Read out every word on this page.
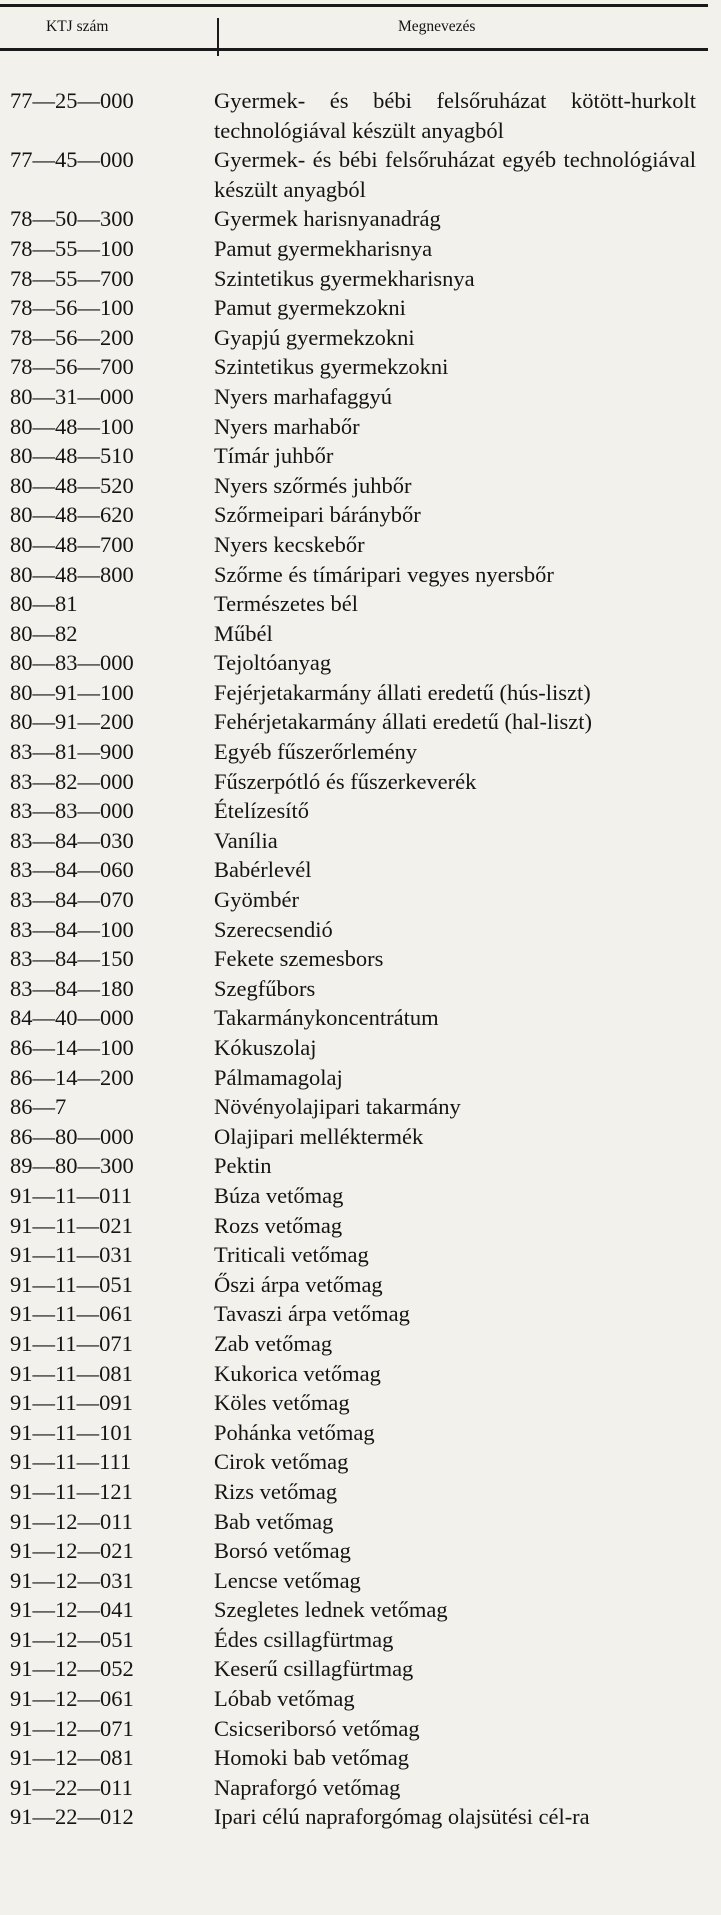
KTJ szám	Megnevezés
77—25—000	Gyermek- és bébi felsőruházat kötött-hurkolt technológiával készült anyagból
77—45—000	Gyermek- és bébi felsőruházat egyéb technológiával készült anyagból
78—50—300	Gyermek harisnyanadrág
78—55—100	Pamut gyermekharisnya
78—55—700	Szintetikus gyermekharisnya
78—56—100	Pamut gyermekzokni
78—56—200	Gyapjú gyermekzokni
78—56—700	Szintetikus gyermekzokni
80—31—000	Nyers marhafaggyú
80—48—100	Nyers marhabőr
80—48—510	Tímár juhbőr
80—48—520	Nyers szőrmés juhbőr
80—48—620	Szőrmeipari báránybőr
80—48—700	Nyers kecskebőr
80—48—800	Szőrme és tímáripari vegyes nyersbőr
80—81	Természetes bél
80—82	Műbél
80—83—000	Tejoltóanyag
80—91—100	Fejérjetakarmány állati eredetű (hús-liszt)
80—91—200	Fehérjetakarmány állati eredetű (hal-liszt)
83—81—900	Egyéb fűszerőrlemény
83—82—000	Fűszerpótló és fűszerkeverék
83—83—000	Ételízesítő
83—84—030	Vanília
83—84—060	Babérlevél
83—84—070	Gyömbér
83—84—100	Szerecsendió
83—84—150	Fekete szemesbors
83—84—180	Szegfűbors
84—40—000	Takarmánykoncentrátum
86—14—100	Kókuszolaj
86—14—200	Pálmamagolaj
86—7	Növényolajipari takarmány
86—80—000	Olajipari melléktermék
89—80—300	Pektin
91—11—011	Búza vetőmag
91—11—021	Rozs vetőmag
91—11—031	Triticali vetőmag
91—11—051	Őszi árpa vetőmag
91—11—061	Tavaszi árpa vetőmag
91—11—071	Zab vetőmag
91—11—081	Kukorica vetőmag
91—11—091	Köles vetőmag
91—11—101	Pohánka vetőmag
91—11—111	Cirok vetőmag
91—11—121	Rizs vetőmag
91—12—011	Bab vetőmag
91—12—021	Borsó vetőmag
91—12—031	Lencse vetőmag
91—12—041	Szegletes lednek vetőmag
91—12—051	Édes csillagfürtmag
91—12—052	Keserű csillagfürtmag
91—12—061	Lóbab vetőmag
91—12—071	Csicseriborsó vetőmag
91—12—081	Homoki bab vetőmag
91—22—011	Napraforgó vetőmag
91—22—012	Ipari célú napraforgómag olajsütési cél-ra
